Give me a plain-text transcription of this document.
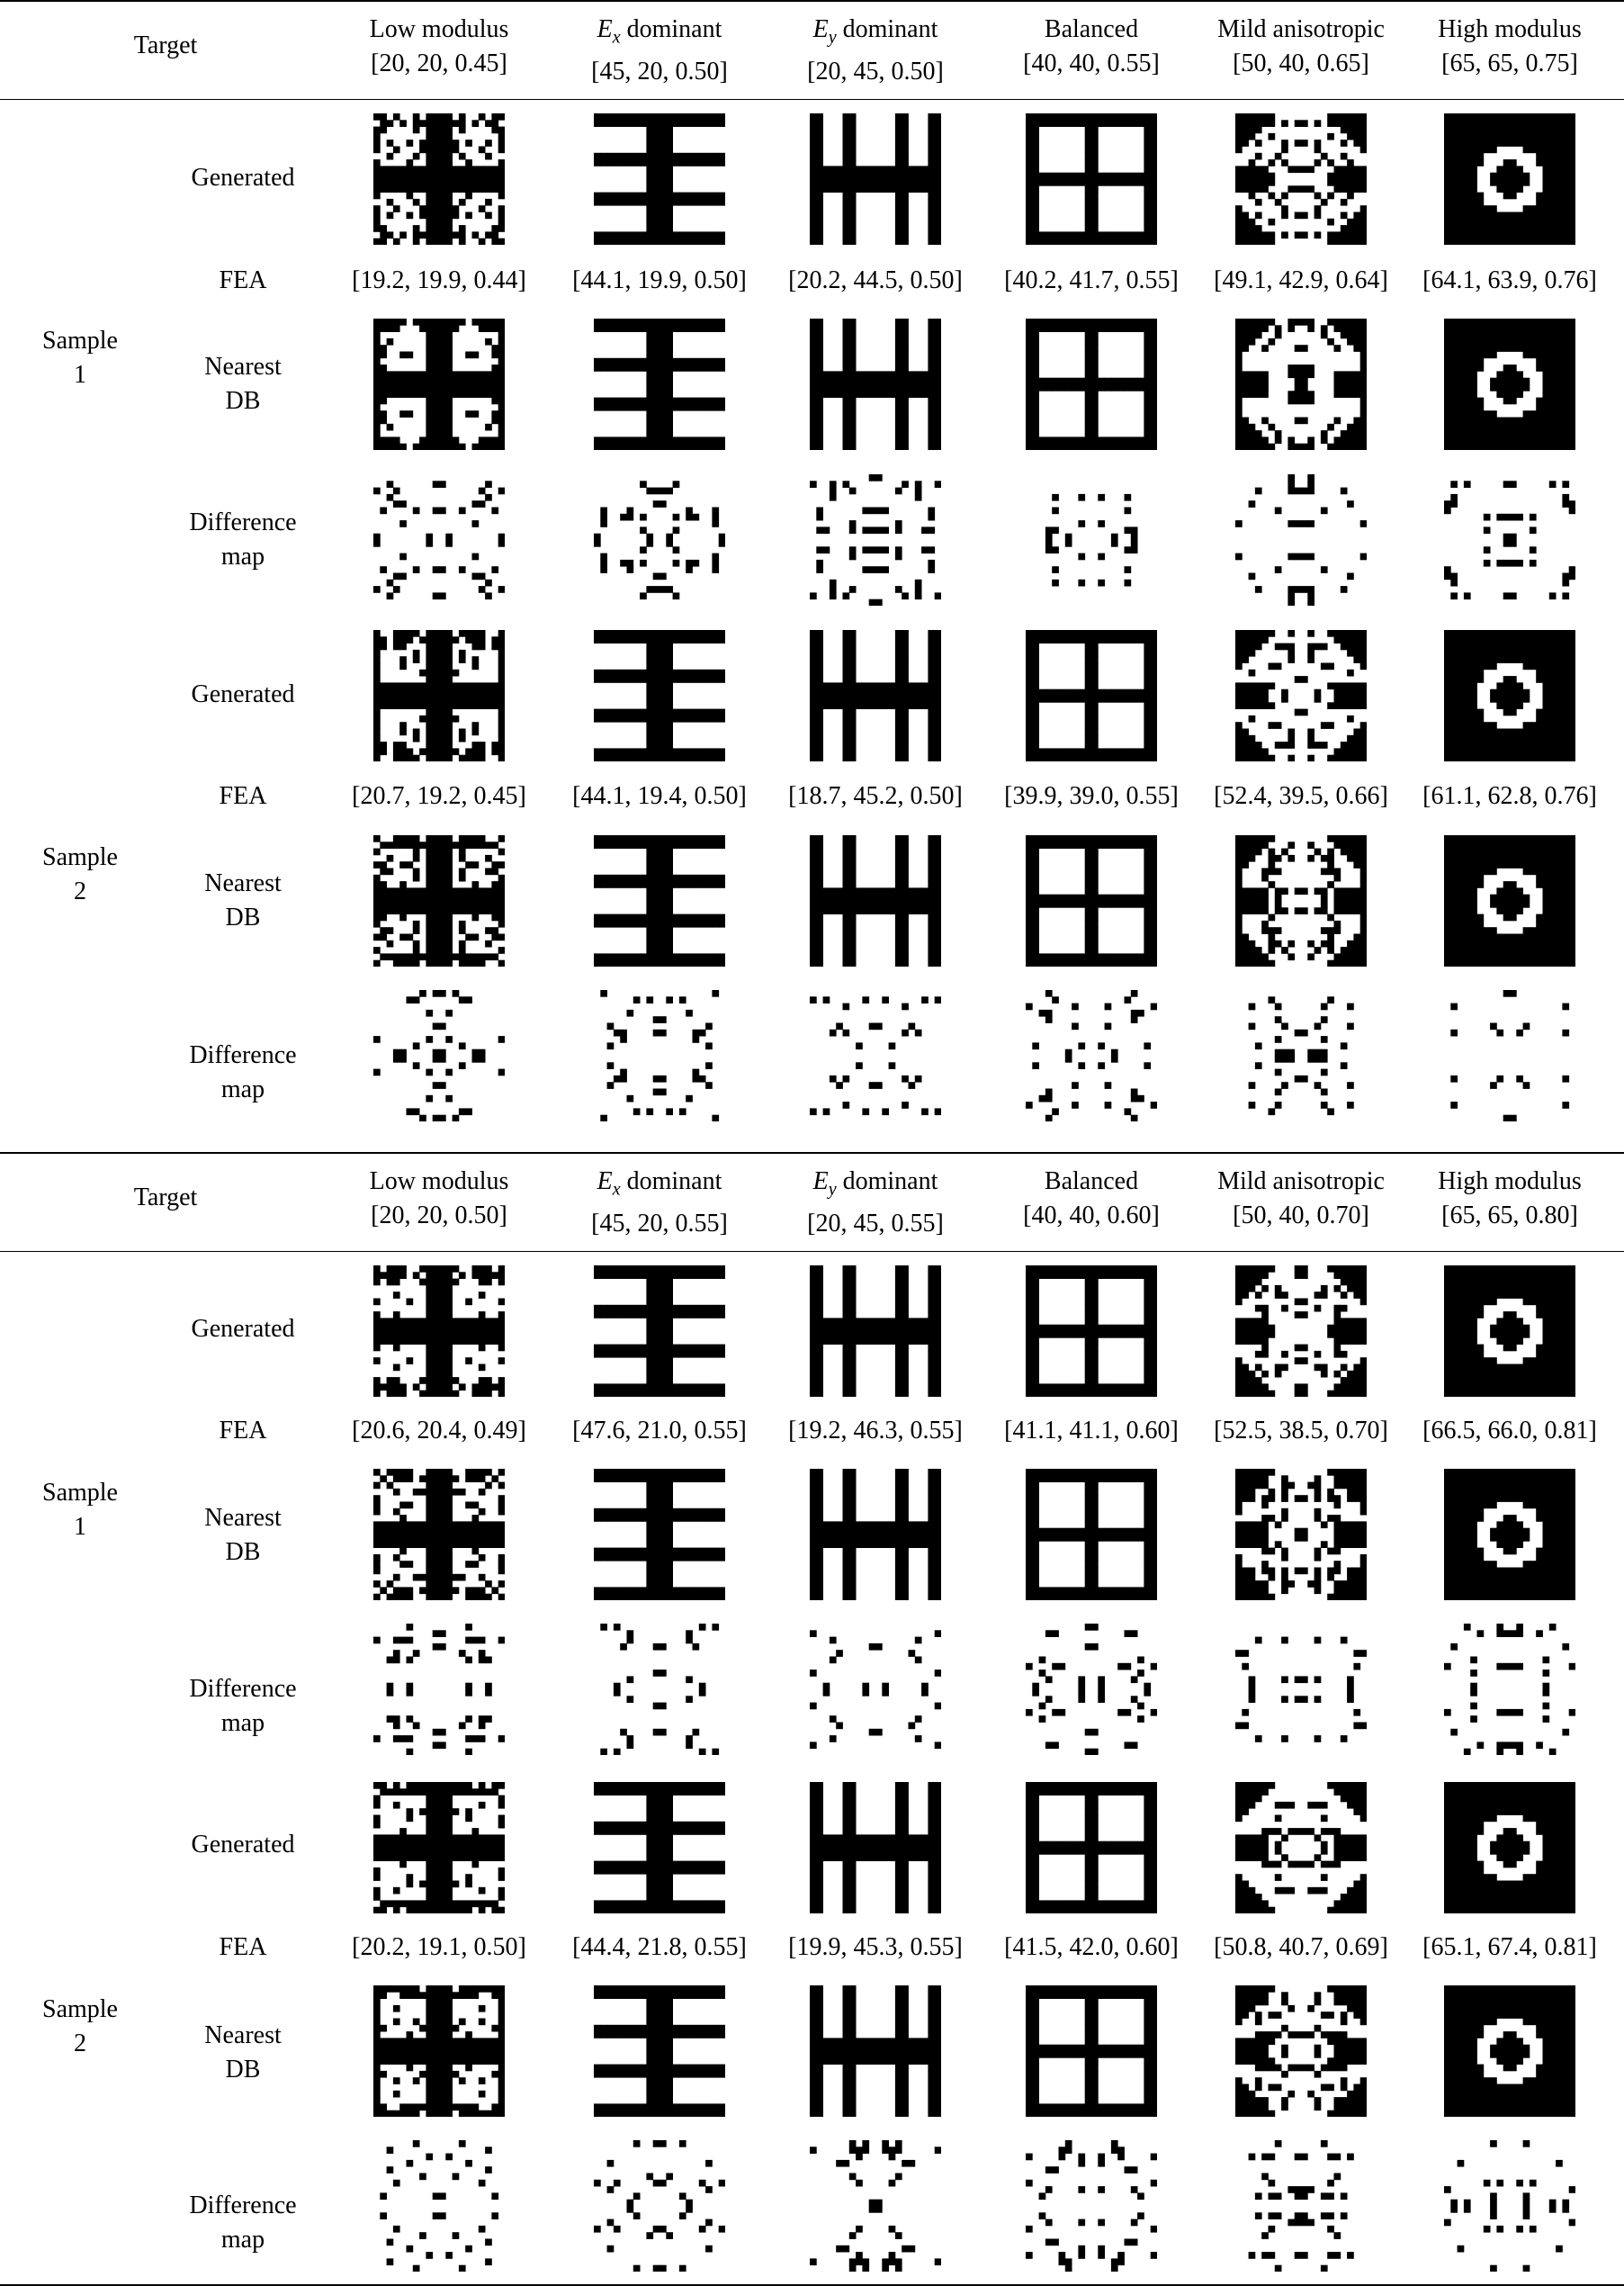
Target
Low modulus
[20, 20, 0.45]
$E_x$ dominant
[45, 20, 0.50]
$E_y$ dominant
[20, 45, 0.50]
Balanced
[40, 40, 0.55]
Mild anisotropic
[50, 40, 0.65]
High modulus
[65, 65, 0.75]
Sample
1
Generated
FEA
Nearest
DB
Difference
map
[19.2, 19.9, 0.44] [44.1, 19.9, 0.50] [20.2, 44.5, 0.50] [40.2, 41.7, 0.55] [49.1, 42.9, 0.64] [64.1, 63.9, 0.76]
Sample
2
Generated
FEA
Nearest
DB
Difference
map
[20.7, 19.2, 0.45] [44.1, 19.4, 0.50] [18.7, 45.2, 0.50] [39.9, 39.0, 0.55] [52.4, 39.5, 0.66] [61.1, 62.8, 0.76]
Target
Low modulus
[20, 20, 0.50]
$E_x$ dominant
[45, 20, 0.55]
$E_y$ dominant
[20, 45, 0.55]
Balanced
[40, 40, 0.60]
Mild anisotropic
[50, 40, 0.70]
High modulus
[65, 65, 0.80]
Sample
1
Generated
FEA
Nearest
DB
Difference
map
[20.6, 20.4, 0.49] [47.6, 21.0, 0.55] [19.2, 46.3, 0.55] [41.1, 41.1, 0.60] [52.5, 38.5, 0.70] [66.5, 66.0, 0.81]
Sample
2
Generated
FEA
Nearest
DB
Difference
map
[20.2, 19.1, 0.50] [44.4, 21.8, 0.55] [19.9, 45.3, 0.55] [41.5, 42.0, 0.60] [50.8, 40.7, 0.69] [65.1, 67.4, 0.81]
